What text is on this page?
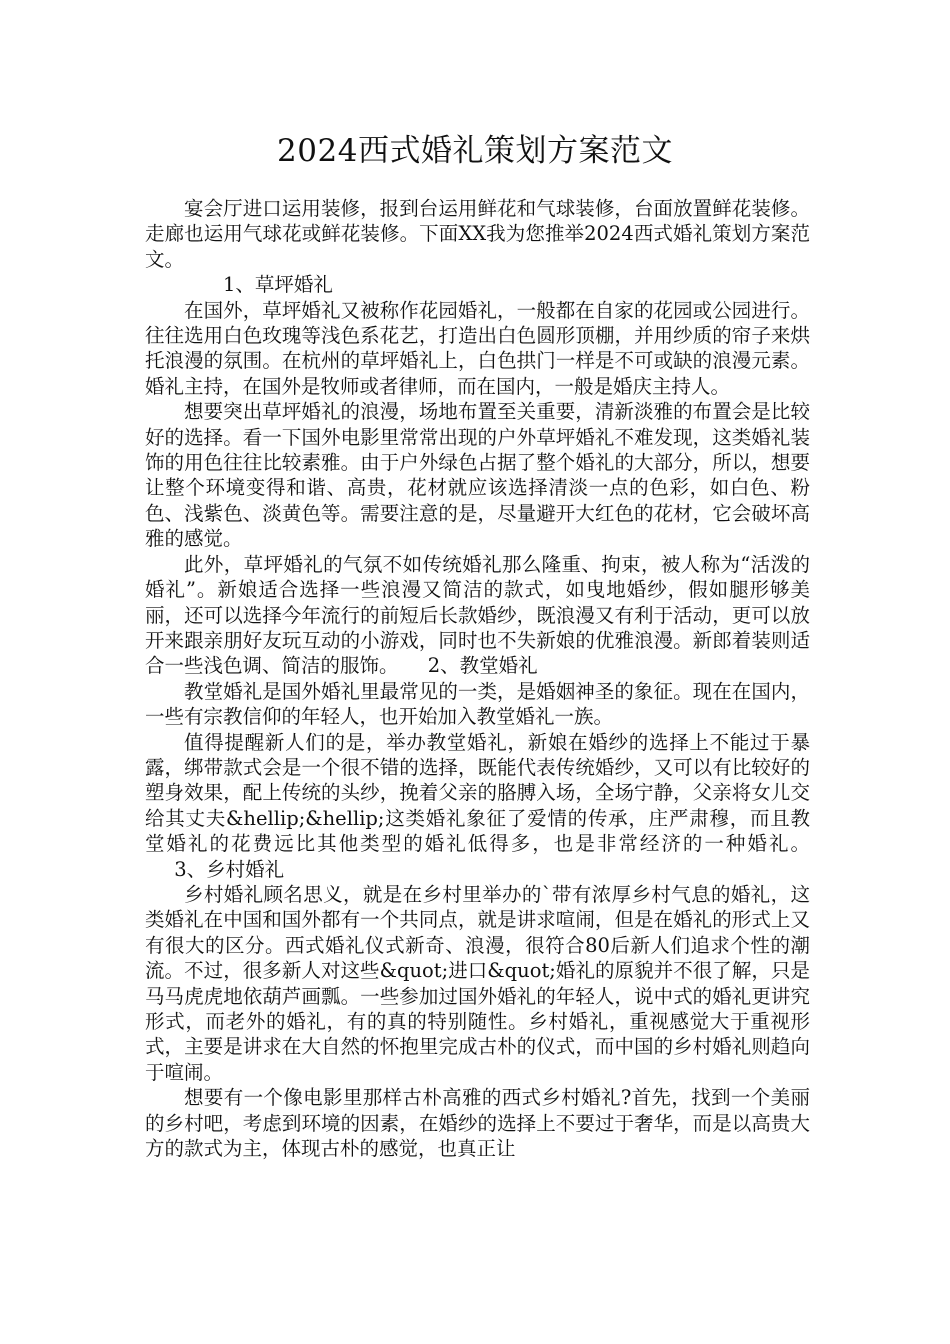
2024西式婚礼策划方案范文

宴会厅进口运用装修，报到台运用鲜花和气球装修，台面放置鲜花装修。走廊也运用气球花或鲜花装修。下面XX我为您推举2024西式婚礼策划方案范文。

1、草坪婚礼

在国外，草坪婚礼又被称作花园婚礼，一般都在自家的花园或公园进行。往往选用白色玫瑰等浅色系花艺，打造出白色圆形顶棚，并用纱质的帘子来烘托浪漫的氛围。在杭州的草坪婚礼上，白色拱门一样是不可或缺的浪漫元素。婚礼主持，在国外是牧师或者律师，而在国内，一般是婚庆主持人。

想要突出草坪婚礼的浪漫，场地布置至关重要，清新淡雅的布置会是比较好的选择。看一下国外电影里常常出现的户外草坪婚礼不难发现，这类婚礼装饰的用色往往比较素雅。由于户外绿色占据了整个婚礼的大部分，所以，想要让整个环境变得和谐、高贵，花材就应该选择清淡一点的色彩，如白色、粉色、浅紫色、淡黄色等。需要注意的是，尽量避开大红色的花材，它会破坏高雅的感觉。

此外，草坪婚礼的气氛不如传统婚礼那么隆重、拘束，被人称为“活泼的婚礼”。新娘适合选择一些浪漫又简洁的款式，如曳地婚纱，假如腿形够美丽，还可以选择今年流行的前短后长款婚纱，既浪漫又有利于活动，更可以放开来跟亲朋好友玩互动的小游戏，同时也不失新娘的优雅浪漫。新郎着装则适合一些浅色调、简洁的服饰。 2、教堂婚礼

教堂婚礼是国外婚礼里最常见的一类，是婚姻神圣的象征。现在在国内，一些有宗教信仰的年轻人，也开始加入教堂婚礼一族。

值得提醒新人们的是，举办教堂婚礼，新娘在婚纱的选择上不能过于暴露，绑带款式会是一个很不错的选择，既能代表传统婚纱，又可以有比较好的塑身效果，配上传统的头纱，挽着父亲的胳膊入场，全场宁静，父亲将女儿交给其丈夫&hellip;&hellip;这类婚礼象征了爱情的传承，庄严肃穆，而且教堂婚礼的花费远比其他类型的婚礼低得多，也是非常经济的一种婚礼。3、乡村婚礼

乡村婚礼顾名思义，就是在乡村里举办的`带有浓厚乡村气息的婚礼，这类婚礼在中国和国外都有一个共同点，就是讲求喧闹，但是在婚礼的形式上又有很大的区分。西式婚礼仪式新奇、浪漫，很符合80后新人们追求个性的潮流。不过，很多新人对这些&quot;进口&quot;婚礼的原貌并不很了解，只是马马虎虎地依葫芦画瓢。一些参加过国外婚礼的年轻人，说中式的婚礼更讲究形式，而老外的婚礼，有的真的特别随性。乡村婚礼，重视感觉大于重视形式，主要是讲求在大自然的怀抱里完成古朴的仪式，而中国的乡村婚礼则趋向于喧闹。

想要有一个像电影里那样古朴高雅的西式乡村婚礼?首先，找到一个美丽的乡村吧，考虑到环境的因素，在婚纱的选择上不要过于奢华，而是以高贵大方的款式为主，体现古朴的感觉，也真正让
